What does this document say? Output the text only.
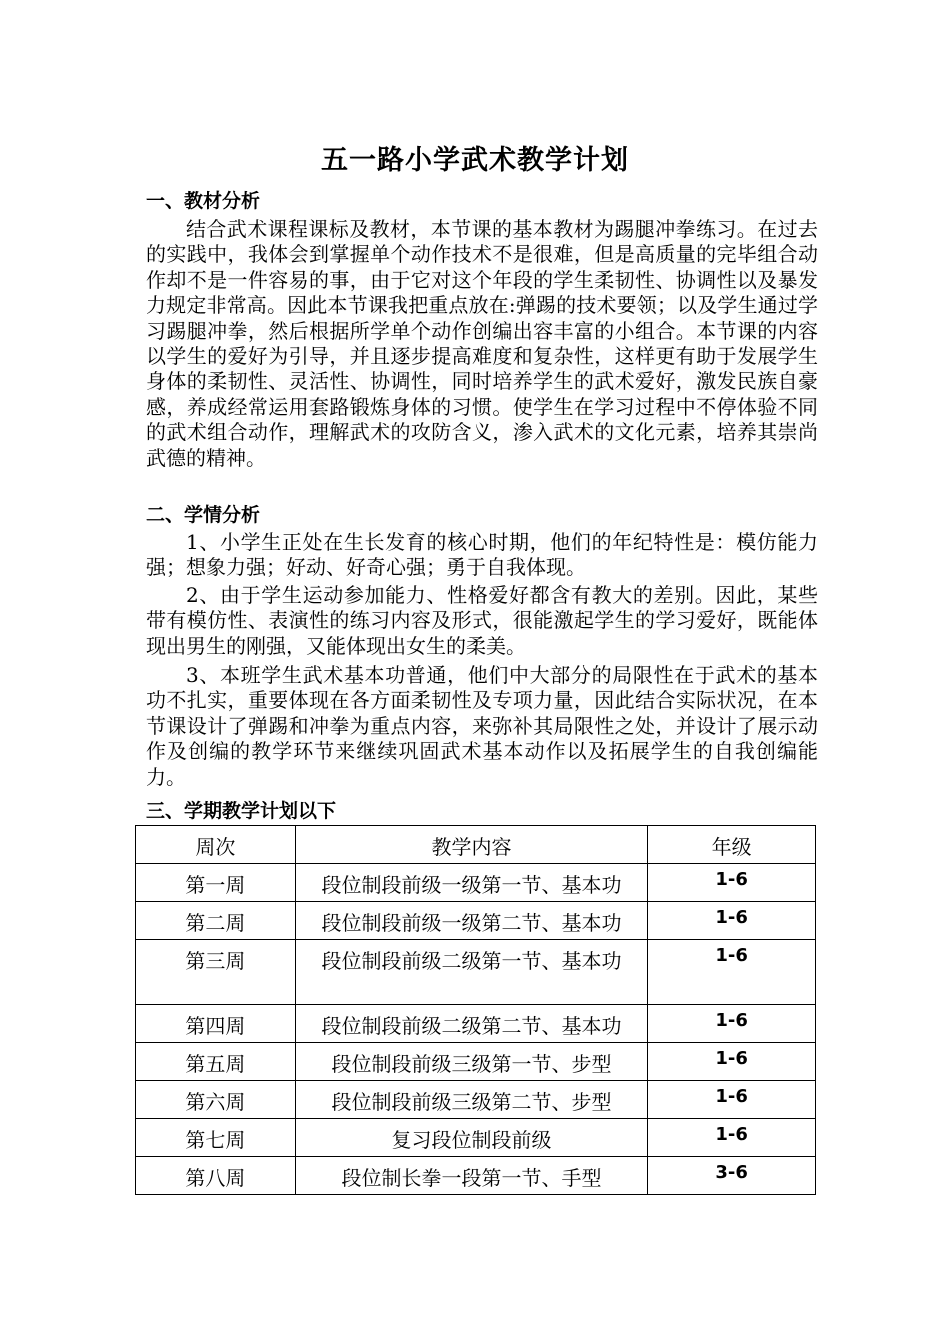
五一路小学武术教学计划
一、教材分析
结合武术课程课标及教材，本节课的基本教材为踢腿冲拳练习。在过去的实践中，我体会到掌握单个动作技术不是很难，但是高质量的完毕组合动作却不是一件容易的事，由于它对这个年段的学生柔韧性、协调性以及暴发力规定非常高。因此本节课我把重点放在:弹踢的技术要领；以及学生通过学习踢腿冲拳，然后根据所学单个动作创编出容丰富的小组合。本节课的内容以学生的爱好为引导，并且逐步提高难度和复杂性，这样更有助于发展学生身体的柔韧性、灵活性、协调性，同时培养学生的武术爱好，激发民族自豪感，养成经常运用套路锻炼身体的习惯。使学生在学习过程中不停体验不同的武术组合动作，理解武术的攻防含义，渗入武术的文化元素，培养其崇尚武德的精神。
二、学情分析
1、小学生正处在生长发育的核心时期，他们的年纪特性是：模仿能力强；想象力强；好动、好奇心强；勇于自我体现。
2、由于学生运动参加能力、性格爱好都含有教大的差别。因此，某些带有模仿性、表演性的练习内容及形式，很能激起学生的学习爱好，既能体现出男生的刚强，又能体现出女生的柔美。
3、本班学生武术基本功普通，他们中大部分的局限性在于武术的基本功不扎实，重要体现在各方面柔韧性及专项力量，因此结合实际状况，在本节课设计了弹踢和冲拳为重点内容，来弥补其局限性之处，并设计了展示动作及创编的教学环节来继续巩固武术基本动作以及拓展学生的自我创编能力。
三、学期教学计划以下
周次	教学内容	年级
第一周	段位制段前级一级第一节、基本功	1-6
第二周	段位制段前级一级第二节、基本功	1-6
第三周	段位制段前级二级第一节、基本功	1-6
第四周	段位制段前级二级第二节、基本功	1-6
第五周	段位制段前级三级第一节、步型	1-6
第六周	段位制段前级三级第二节、步型	1-6
第七周	复习段位制段前级	1-6
第八周	段位制长拳一段第一节、手型	3-6
